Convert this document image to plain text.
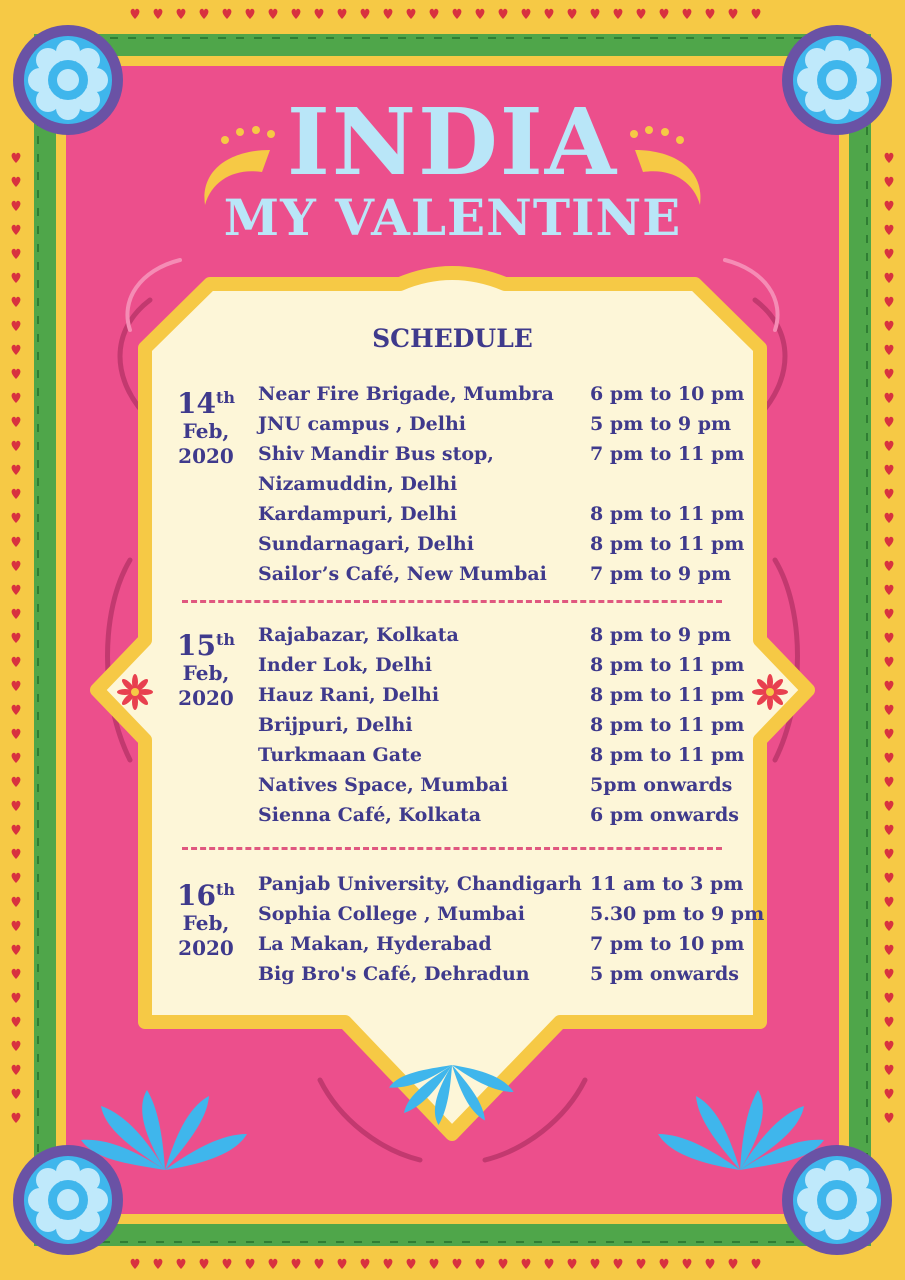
INDIA
MY VALENTINE
SCHEDULE
14th
Feb,
2020
Near Fire Brigade, Mumbra 6 pm to 10 pm
JNU campus , Delhi	5 pm to 9 pm
Shiv Mandir Bus stop,	7 pm to 11 pm
Nizamuddin, Delhi
Kardampuri, Delhi	8 pm to 11 pm
Sundarnagari, Delhi	8 pm to 11 pm
Sailor’s Café, New Mumbai 7 pm to 9 pm
15th
Feb,
2020
Rajabazar, Kolkata	8 pm to 9 pm
Inder Lok, Delhi	8 pm to 11 pm
Hauz Rani, Delhi	8 pm to 11 pm
Brijpuri, Delhi	8 pm to 11 pm
Turkmaan Gate	8 pm to 11 pm
Natives Space, Mumbai	5pm onwards
Sienna Café, Kolkata	6 pm onwards
16th
Feb,
2020
Panjab University, Chandigarh 11 am to 3 pm
Sophia College , Mumbai	5.30 pm to 9 pm
La Makan, Hyderabad	7 pm to 10 pm
Big Bro's Café, Dehradun	5 pm onwards
